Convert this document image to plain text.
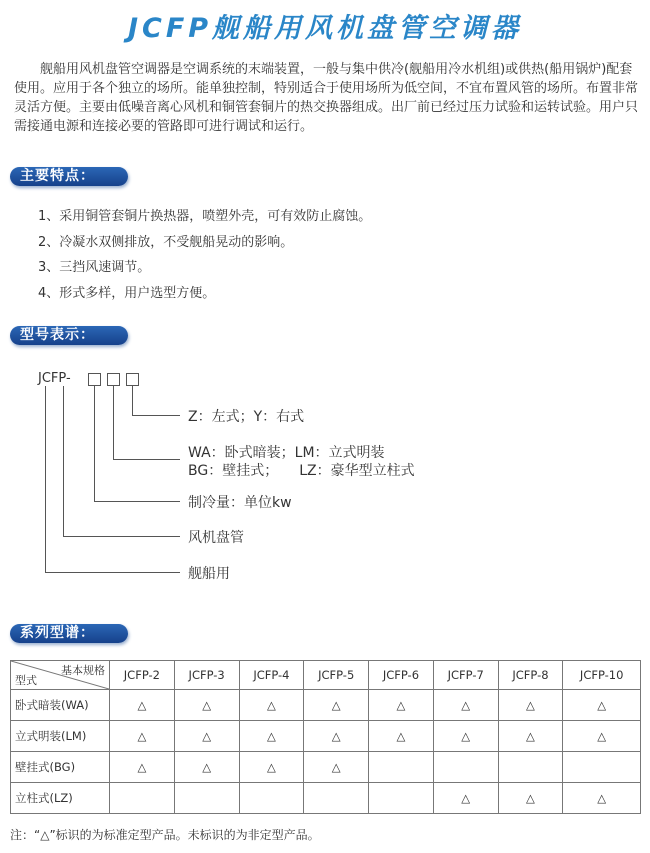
JCFP舰船用风机盘管空调器

舰船用风机盘管空调器是空调系统的末端装置，一般与集中供冷(舰船用冷水机组)或供热(船用锅炉)配套使用。应用于各个独立的场所。能单独控制，特别适合于使用场所为低空间，不宜布置风管的场所。布置非常灵活方便。主要由低噪音离心风机和铜管套铜片的热交换器组成。出厂前已经过压力试验和运转试验。用户只需接通电源和连接必要的管路即可进行调试和运行。

主要特点：
1、采用铜管套铜片换热器，喷塑外壳，可有效防止腐蚀。
2、冷凝水双侧排放，不受舰船晃动的影响。
3、三挡风速调节。
4、形式多样，用户选型方便。
型号表示：
JCFP-
Z：左式；Y：右式
WA：卧式暗装；LM：立式明装
BG：壁挂式；　　LZ：豪华型立柱式
制冷量：单位kw
风机盘管
舰船用
系列型谱：
基本规格
型式	JCFP-2	JCFP-3	JCFP-4	JCFP-5	JCFP-6	JCFP-7	JCFP-8	JCFP-10
卧式暗装(WA)	△	△	△	△	△	△	△	△
立式明装(LM)	△	△	△	△	△	△	△	△
壁挂式(BG)	△	△	△	△				
立柱式(LZ)						△	△	△
注：“△”标识的为标准定型产品。未标识的为非定型产品。
